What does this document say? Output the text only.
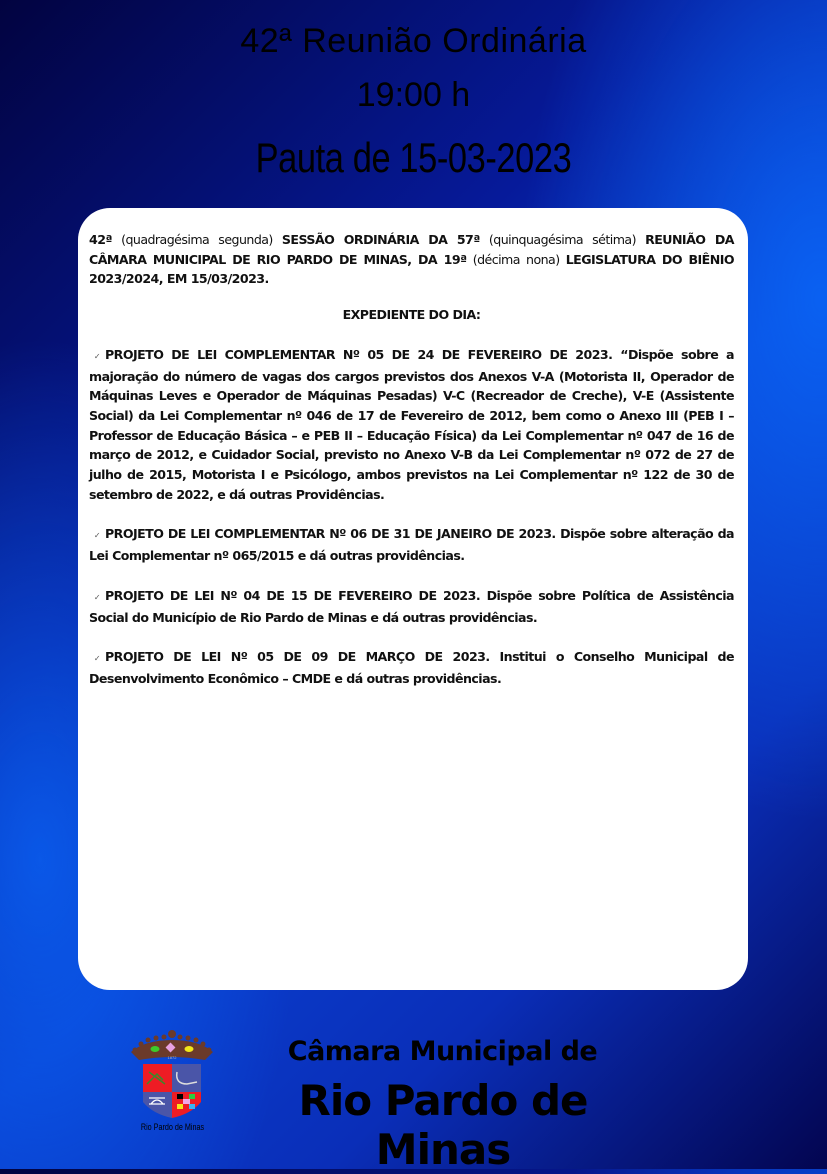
42ª Reunião Ordinária
19:00 h
Pauta de 15-03-2023

42ª (quadragésima segunda) SESSÃO ORDINÁRIA DA 57ª (quinquagésima sétima) REUNIÃO DA CÂMARA MUNICIPAL DE RIO PARDO DE MINAS, DA 19ª (décima nona) LEGISLATURA DO BIÊNIO 2023/2024, EM 15/03/2023.

EXPEDIENTE DO DIA:

✓ PROJETO DE LEI COMPLEMENTAR Nº 05 DE 24 DE FEVEREIRO DE 2023. “Dispõe sobre a majoração do número de vagas dos cargos previstos dos Anexos V-A (Motorista II, Operador de Máquinas Leves e Operador de Máquinas Pesadas) V-C (Recreador de Creche), V-E (Assistente Social) da Lei Complementar nº 046 de 17 de Fevereiro de 2012, bem como o Anexo III (PEB I – Professor de Educação Básica – e PEB II – Educação Física) da Lei Complementar nº 047 de 16 de março de 2012, e Cuidador Social, previsto no Anexo V-B da Lei Complementar nº 072 de 27 de julho de 2015, Motorista I e Psicólogo, ambos previstos na Lei Complementar nº 122 de 30 de setembro de 2022, e dá outras Providências.

✓ PROJETO DE LEI COMPLEMENTAR Nº 06 DE 31 DE JANEIRO DE 2023. Dispõe sobre alteração da Lei Complementar nº 065/2015 e dá outras providências.

✓ PROJETO DE LEI Nº 04 DE 15 DE FEVEREIRO DE 2023. Dispõe sobre Política de Assistência Social do Município de Rio Pardo de Minas e dá outras providências.

✓ PROJETO DE LEI Nº 05 DE 09 DE MARÇO DE 2023. Institui o Conselho Municipal de Desenvolvimento Econômico – CMDE e dá outras providências.

1872
Rio Pardo de Minas
Câmara Municipal de
Rio Pardo de Minas
